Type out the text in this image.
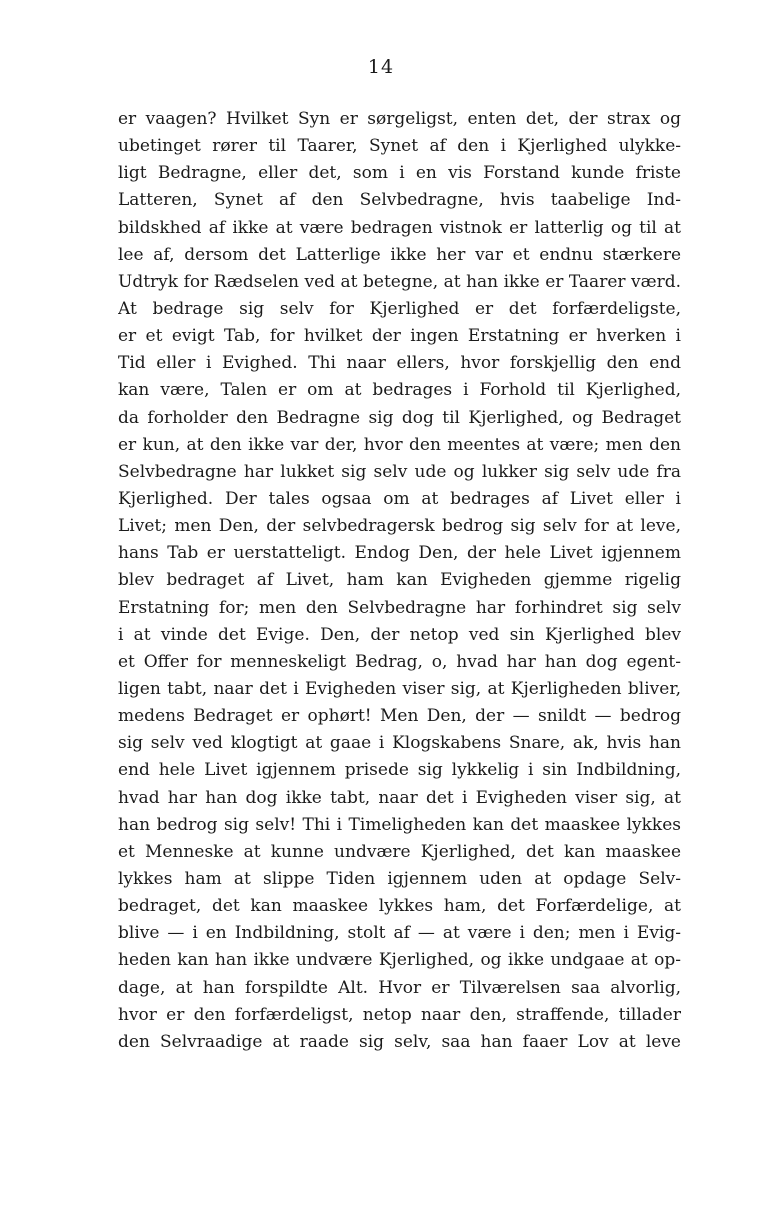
14
er vaagen? Hvilket Syn er sørgeligst, enten det, der strax og
ubetinget rører til Taarer, Synet af den i Kjerlighed ulykke-
ligt Bedragne, eller det, som i en vis Forstand kunde friste
Latteren, Synet af den Selvbedragne, hvis taabelige Ind-
bildskhed af ikke at være bedragen vistnok er latterlig og til at
lee af, dersom det Latterlige ikke her var et endnu stærkere
Udtryk for Rædselen ved at betegne, at han ikke er Taarer værd.
At bedrage sig selv for Kjerlighed er det forfærdeligste,
er et evigt Tab, for hvilket der ingen Erstatning er hverken i
Tid eller i Evighed. Thi naar ellers, hvor forskjellig den end
kan være, Talen er om at bedrages i Forhold til Kjerlighed,
da forholder den Bedragne sig dog til Kjerlighed, og Bedraget
er kun, at den ikke var der, hvor den meentes at være; men den
Selvbedragne har lukket sig selv ude og lukker sig selv ude fra
Kjerlighed. Der tales ogsaa om at bedrages af Livet eller i
Livet; men Den, der selvbedragersk bedrog sig selv for at leve,
hans Tab er uerstatteligt. Endog Den, der hele Livet igjennem
blev bedraget af Livet, ham kan Evigheden gjemme rigelig
Erstatning for; men den Selvbedragne har forhindret sig selv
i at vinde det Evige. Den, der netop ved sin Kjerlighed blev
et Offer for menneskeligt Bedrag, o, hvad har han dog egent-
ligen tabt, naar det i Evigheden viser sig, at Kjerligheden bliver,
medens Bedraget er ophørt! Men Den, der — snildt — bedrog
sig selv ved klogtigt at gaae i Klogskabens Snare, ak, hvis han
end hele Livet igjennem prisede sig lykkelig i sin Indbildning,
hvad har han dog ikke tabt, naar det i Evigheden viser sig, at
han bedrog sig selv! Thi i Timeligheden kan det maaskee lykkes
et Menneske at kunne undvære Kjerlighed, det kan maaskee
lykkes ham at slippe Tiden igjennem uden at opdage Selv-
bedraget, det kan maaskee lykkes ham, det Forfærdelige, at
blive — i en Indbildning, stolt af — at være i den; men i Evig-
heden kan han ikke undvære Kjerlighed, og ikke undgaae at op-
dage, at han forspildte Alt. Hvor er Tilværelsen saa alvorlig,
hvor er den forfærdeligst, netop naar den, straffende, tillader
den Selvraadige at raade sig selv, saa han faaer Lov at leve
